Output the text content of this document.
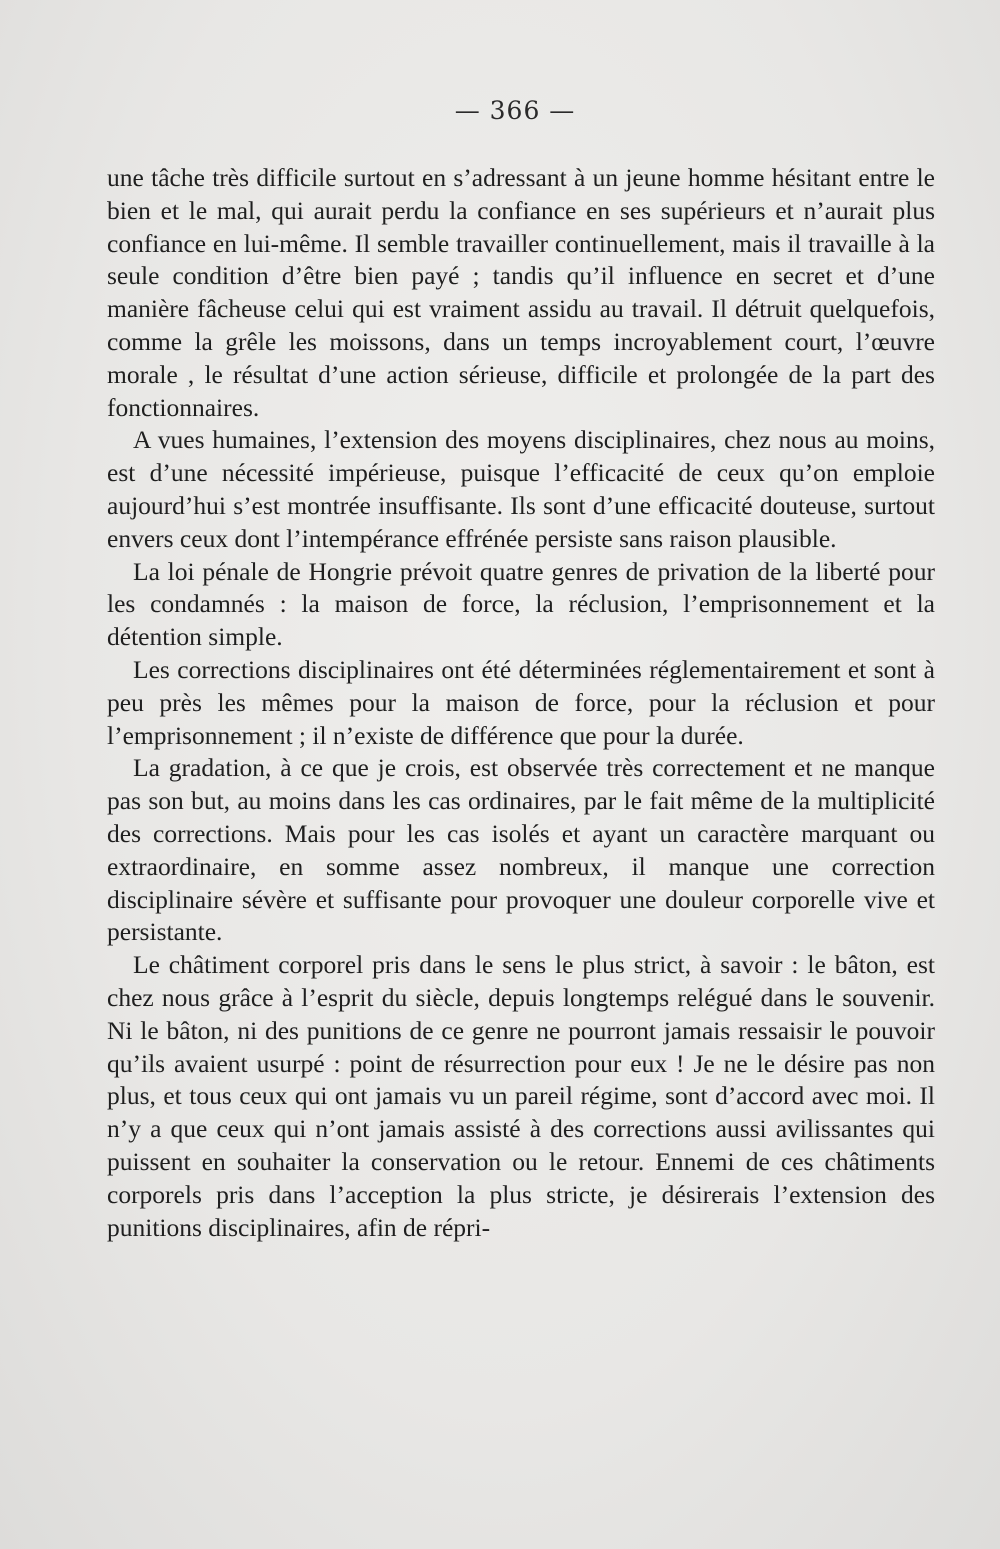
— 366 —

une tâche très difficile surtout en s’adressant à un jeune homme hésitant entre le bien et le mal, qui aurait perdu la confiance en ses supérieurs et n’aurait plus confiance en lui-même. Il semble travailler continuellement, mais il travaille à la seule condition d’être bien payé ; tandis qu’il influence en secret et d’une manière fâcheuse celui qui est vraiment assidu au travail. Il détruit quelquefois, comme la grêle les moissons, dans un temps incroyablement court, l’œuvre morale , le résultat d’une action sérieuse, difficile et prolongée de la part des fonctionnaires.

A vues humaines, l’extension des moyens disciplinaires, chez nous au moins, est d’une nécessité impérieuse, puisque l’efficacité de ceux qu’on emploie aujourd’hui s’est montrée insuffisante. Ils sont d’une efficacité douteuse, surtout envers ceux dont l’intempérance effrénée persiste sans raison plausible.

La loi pénale de Hongrie prévoit quatre genres de privation de la liberté pour les condamnés : la maison de force, la réclusion, l’emprisonnement et la détention simple.

Les corrections disciplinaires ont été déterminées réglementairement et sont à peu près les mêmes pour la maison de force, pour la réclusion et pour l’emprisonnement ; il n’existe de différence que pour la durée.

La gradation, à ce que je crois, est observée très correctement et ne manque pas son but, au moins dans les cas ordinaires, par le fait même de la multiplicité des corrections. Mais pour les cas isolés et ayant un caractère marquant ou extraordinaire, en somme assez nombreux, il manque une correction disciplinaire sévère et suffisante pour provoquer une douleur corporelle vive et persistante.

Le châtiment corporel pris dans le sens le plus strict, à savoir : le bâton, est chez nous grâce à l’esprit du siècle, depuis longtemps relégué dans le souvenir. Ni le bâton, ni des punitions de ce genre ne pourront jamais ressaisir le pouvoir qu’ils avaient usurpé : point de résurrection pour eux ! Je ne le désire pas non plus, et tous ceux qui ont jamais vu un pareil régime, sont d’accord avec moi. Il n’y a que ceux qui n’ont jamais assisté à des corrections aussi avilissantes qui puissent en souhaiter la conservation ou le retour. Ennemi de ces châtiments corporels pris dans l’acception la plus stricte, je désirerais l’extension des punitions disciplinaires, afin de répri-
